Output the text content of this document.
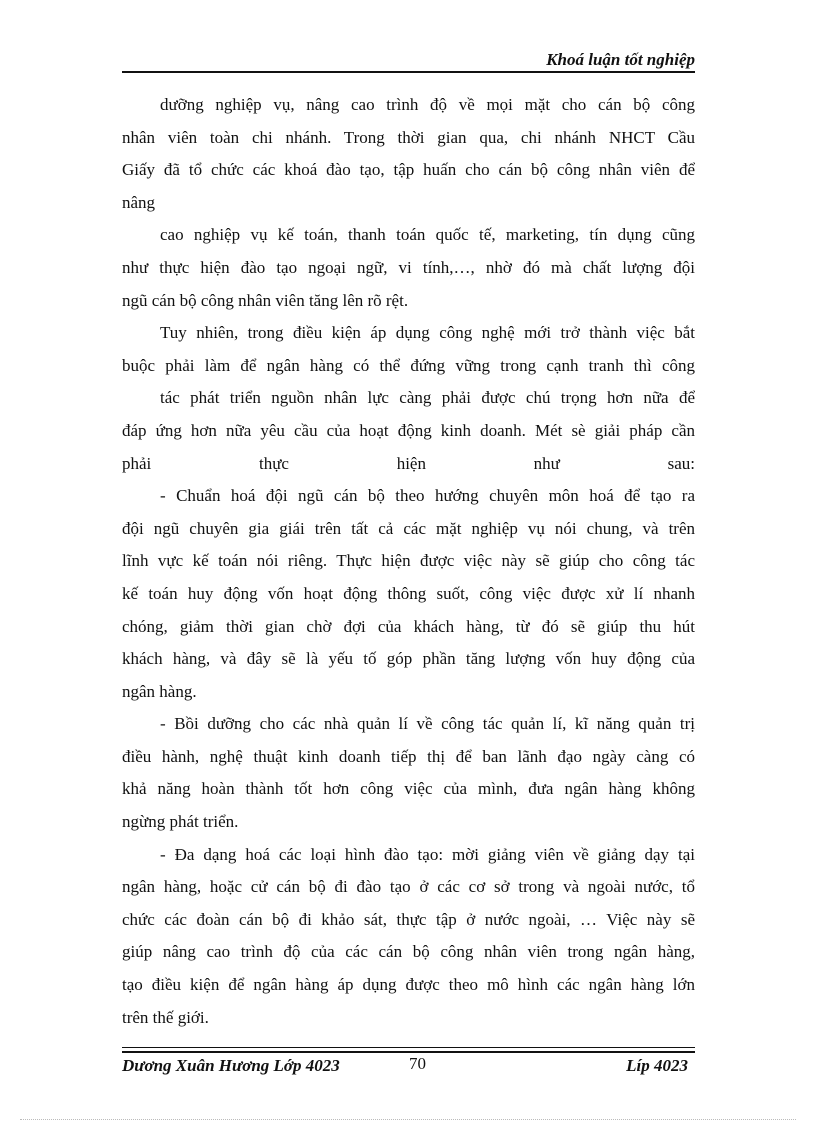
Khoá luận tốt nghiệp
dưỡng nghiệp vụ, nâng cao trình độ về mọi mặt cho cán bộ công
nhân viên toàn chi nhánh. Trong thời gian qua, chi nhánh NHCT Cầu
Giấy đã tổ chức các khoá đào tạo, tập huấn cho cán bộ công nhân viên để
nâng
cao nghiệp vụ kế toán, thanh toán quốc tế, marketing, tín dụng cũng
như thực hiện đào tạo ngoại ngữ, vi tính,…, nhờ đó mà chất lượng đội
ngũ cán bộ công nhân viên tăng lên rõ rệt.
Tuy nhiên, trong điều kiện áp dụng công nghệ mới trở thành việc bắt
buộc phải làm để ngân hàng có thể đứng vững trong cạnh tranh thì công
tác phát triển nguồn nhân lực càng phải được chú trọng hơn nữa để
đáp ứng hơn nữa yêu cầu của hoạt động kinh doanh. Mét sè giải pháp cần
phải thực hiện như sau:
- Chuẩn hoá đội ngũ cán bộ theo hướng chuyên môn hoá để tạo ra
đội ngũ chuyên gia giái trên tất cả các mặt nghiệp vụ nói chung, và trên
lĩnh vực kế toán nói riêng. Thực hiện được việc này sẽ giúp cho công tác
kế toán huy động vốn hoạt động thông suốt, công việc được xử lí nhanh
chóng, giảm thời gian chờ đợi của khách hàng, từ đó sẽ giúp thu hút
khách hàng, và đây sẽ là yếu tố góp phần tăng lượng vốn huy động của
ngân hàng.
- Bồi dưỡng cho các nhà quản lí về công tác quản lí, kĩ năng quản trị
điều hành, nghệ thuật kinh doanh tiếp thị để ban lãnh đạo ngày càng có
khả năng hoàn thành tốt hơn công việc của mình, đưa ngân hàng không
ngừng phát triển.
- Đa dạng hoá các loại hình đào tạo: mời giảng viên về giảng dạy tại
ngân hàng, hoặc cử cán bộ đi đào tạo ở các cơ sở trong và ngoài nước, tổ
chức các đoàn cán bộ đi khảo sát, thực tập ở nước ngoài, … Việc này sẽ
giúp nâng cao trình độ của các cán bộ công nhân viên trong ngân hàng,
tạo điều kiện để ngân hàng áp dụng được theo mô hình các ngân hàng lớn
trên thế giới.
Dương Xuân Hương Lớp 4023	70	Líp 4023
